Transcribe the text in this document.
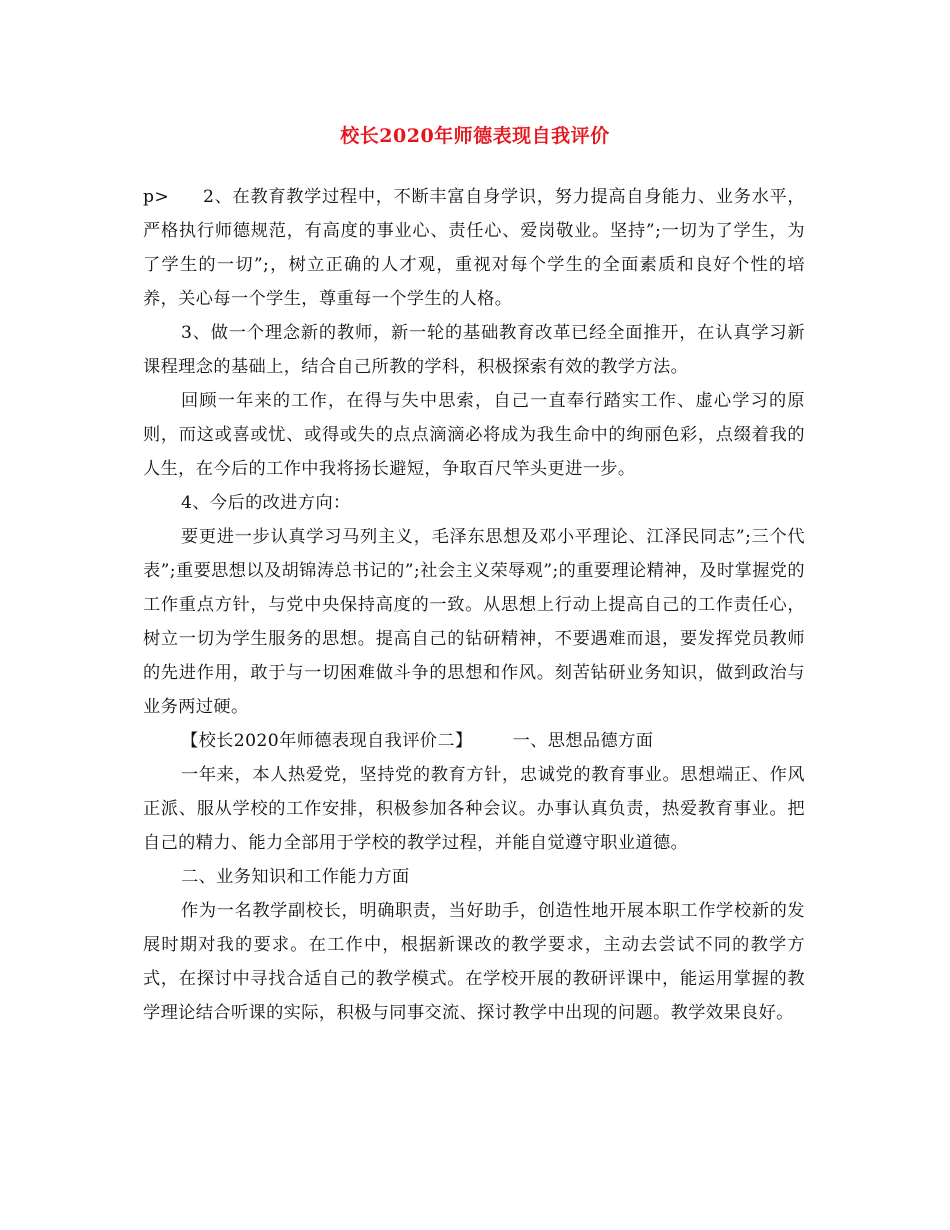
校长2020年师德表现自我评价

p> 2、在教育教学过程中，不断丰富自身学识，努力提高自身能力、业务水平，严格执行师德规范，有高度的事业心、责任心、爱岗敬业。坚持”;一切为了学生，为了学生的一切”;，树立正确的人才观，重视对每个学生的全面素质和良好个性的培养，关心每一个学生，尊重每一个学生的人格。

3、做一个理念新的教师，新一轮的基础教育改革已经全面推开，在认真学习新课程理念的基础上，结合自己所教的学科，积极探索有效的教学方法。

回顾一年来的工作，在得与失中思索，自己一直奉行踏实工作、虚心学习的原则，而这或喜或忧、或得或失的点点滴滴必将成为我生命中的绚丽色彩，点缀着我的人生，在今后的工作中我将扬长避短，争取百尺竿头更进一步。

4、今后的改进方向：

要更进一步认真学习马列主义，毛泽东思想及邓小平理论、江泽民同志”;三个代表”;重要思想以及胡锦涛总书记的”;社会主义荣辱观”;的重要理论精神，及时掌握党的工作重点方针，与党中央保持高度的一致。从思想上行动上提高自己的工作责任心，树立一切为学生服务的思想。提高自己的钻研精神，不要遇难而退，要发挥党员教师的先进作用，敢于与一切困难做斗争的思想和作风。刻苦钻研业务知识，做到政治与业务两过硬。

【校长2020年师德表现自我评价二】 一、思想品德方面

一年来，本人热爱党，坚持党的教育方针，忠诚党的教育事业。思想端正、作风正派、服从学校的工作安排，积极参加各种会议。办事认真负责，热爱教育事业。把自己的精力、能力全部用于学校的教学过程，并能自觉遵守职业道德。

二、业务知识和工作能力方面

作为一名教学副校长，明确职责，当好助手，创造性地开展本职工作学校新的发展时期对我的要求。在工作中，根据新课改的教学要求，主动去尝试不同的教学方式，在探讨中寻找合适自己的教学模式。在学校开展的教研评课中，能运用掌握的教学理论结合听课的实际，积极与同事交流、探讨教学中出现的问题。教学效果良好。
